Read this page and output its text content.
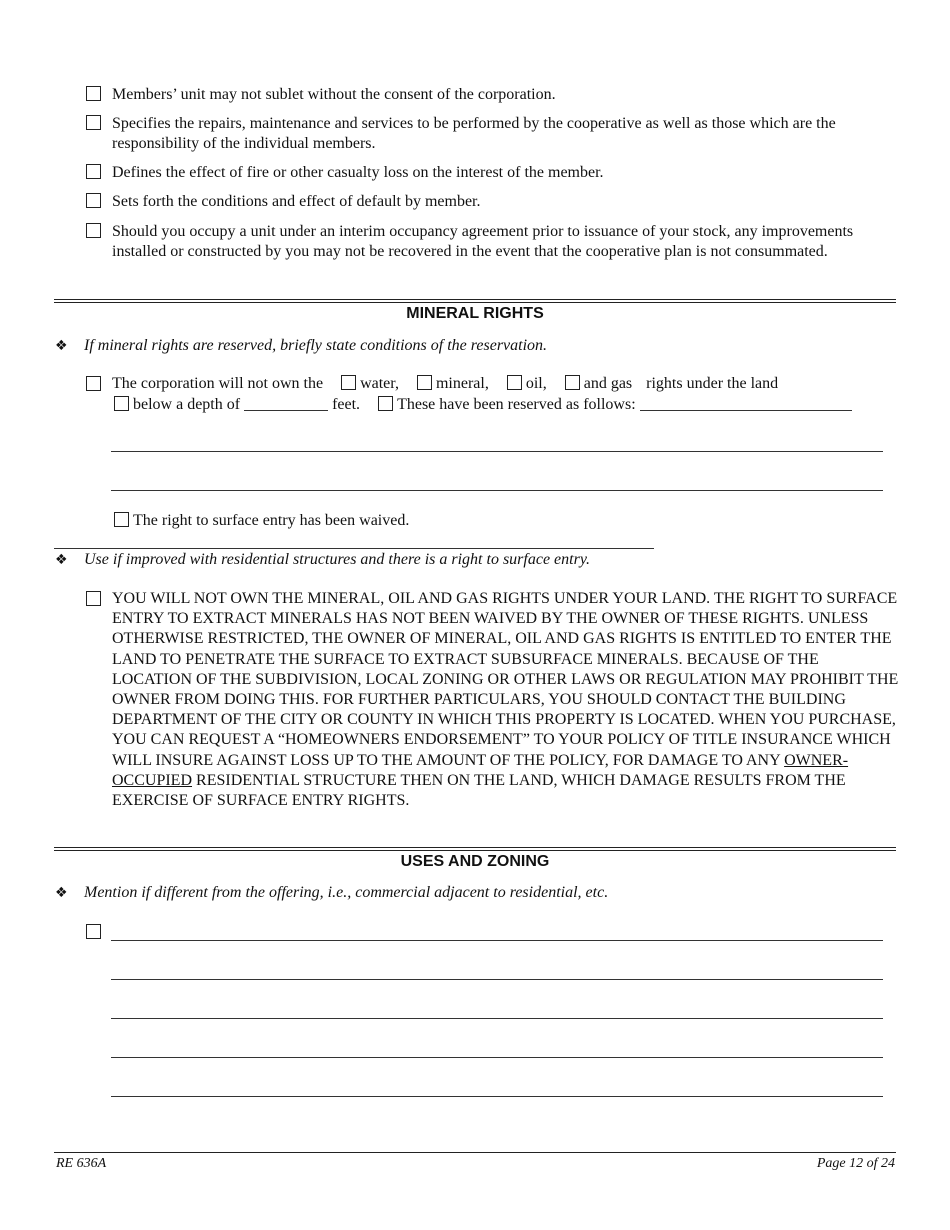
Members’ unit may not sublet without the consent of the corporation.
Specifies the repairs, maintenance and services to be performed by the cooperative as well as those which are the responsibility of the individual members.
Defines the effect of fire or other casualty loss on the interest of the member.
Sets forth the conditions and effect of default by member.
Should you occupy a unit under an interim occupancy agreement prior to issuance of your stock, any improvements installed or constructed by you may not be recovered in the event that the cooperative plan is not consummated.
MINERAL RIGHTS
❖ If mineral rights are reserved, briefly state conditions of the reservation.
The corporation will not own the water, mineral, oil, and gas rights under the land
below a depth of	feet. These have been reserved as follows:
The right to surface entry has been waived.
❖ Use if improved with residential structures and there is a right to surface entry.
YOU WILL NOT OWN THE MINERAL, OIL AND GAS RIGHTS UNDER YOUR LAND. THE RIGHT TO SURFACE ENTRY TO EXTRACT MINERALS HAS NOT BEEN WAIVED BY THE OWNER OF THESE RIGHTS. UNLESS OTHERWISE RESTRICTED, THE OWNER OF MINERAL, OIL AND GAS RIGHTS IS ENTITLED TO ENTER THE LAND TO PENETRATE THE SURFACE TO EXTRACT SUBSURFACE MINERALS. BECAUSE OF THE LOCATION OF THE SUBDIVISION, LOCAL ZONING OR OTHER LAWS OR REGULATION MAY PROHIBIT THE OWNER FROM DOING THIS. FOR FURTHER PARTICULARS, YOU SHOULD CONTACT THE BUILDING DEPARTMENT OF THE CITY OR COUNTY IN WHICH THIS PROPERTY IS LOCATED. WHEN YOU PURCHASE, YOU CAN REQUEST A “HOMEOWNERS ENDORSEMENT” TO YOUR POLICY OF TITLE INSURANCE WHICH WILL INSURE AGAINST LOSS UP TO THE AMOUNT OF THE POLICY, FOR DAMAGE TO ANY OWNER-OCCUPIED RESIDENTIAL STRUCTURE THEN ON THE LAND, WHICH DAMAGE RESULTS FROM THE EXERCISE OF SURFACE ENTRY RIGHTS.
USES AND ZONING
❖ Mention if different from the offering, i.e., commercial adjacent to residential, etc.
RE 636A	Page 12 of 24
